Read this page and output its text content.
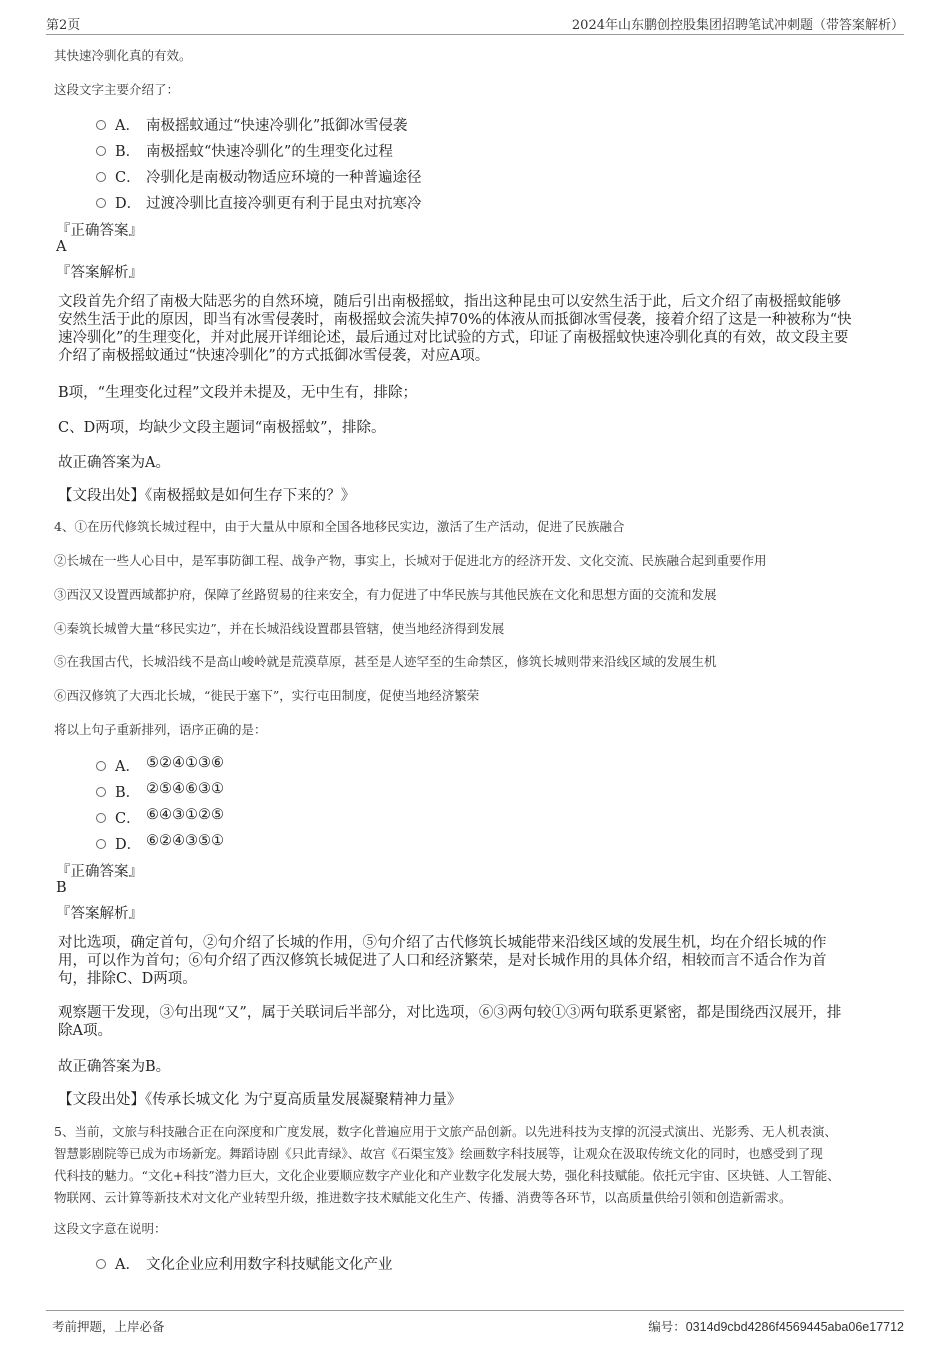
第2页	2024年山东鹏创控股集团招聘笔试冲刺题（带答案解析）
其快速冷驯化真的有效。
这段文字主要介绍了：
A． 南极摇蚊通过“快速冷驯化”抵御冰雪侵袭
B． 南极摇蚊“快速冷驯化”的生理变化过程
C． 冷驯化是南极动物适应环境的一种普遍途径
D． 过渡冷驯比直接冷驯更有利于昆虫对抗寒冷
『正确答案』
A
『答案解析』
文段首先介绍了南极大陆恶劣的自然环境，随后引出南极摇蚊，指出这种昆虫可以安然生活于此，后文介绍了南极摇蚊能够
安然生活于此的原因，即当有冰雪侵袭时，南极摇蚊会流失掉70%的体液从而抵御冰雪侵袭，接着介绍了这是一种被称为“快
速冷驯化”的生理变化，并对此展开详细论述，最后通过对比试验的方式，印证了南极摇蚊快速冷驯化真的有效，故文段主要
介绍了南极摇蚊通过“快速冷驯化”的方式抵御冰雪侵袭，对应A项。
B项，“生理变化过程”文段并未提及，无中生有，排除；
C、D两项，均缺少文段主题词“南极摇蚊”，排除。
故正确答案为A。
【文段出处】《南极摇蚊是如何生存下来的？》
4、①在历代修筑长城过程中，由于大量从中原和全国各地移民实边，激活了生产活动，促进了民族融合
②长城在一些人心目中，是军事防御工程、战争产物，事实上，长城对于促进北方的经济开发、文化交流、民族融合起到重要作用
③西汉又设置西域都护府，保障了丝路贸易的往来安全，有力促进了中华民族与其他民族在文化和思想方面的交流和发展
④秦筑长城曾大量“移民实边”，并在长城沿线设置郡县管辖，使当地经济得到发展
⑤在我国古代，长城沿线不是高山峻岭就是荒漠草原，甚至是人迹罕至的生命禁区，修筑长城则带来沿线区域的发展生机
⑥西汉修筑了大西北长城，“徙民于塞下”，实行屯田制度，促使当地经济繁荣
将以上句子重新排列，语序正确的是：
A． ⑤②④①③⑥
B． ②⑤④⑥③①
C． ⑥④③①②⑤
D． ⑥②④③⑤①
『正确答案』
B
『答案解析』
对比选项，确定首句，②句介绍了长城的作用，⑤句介绍了古代修筑长城能带来沿线区域的发展生机，均在介绍长城的作
用，可以作为首句；⑥句介绍了西汉修筑长城促进了人口和经济繁荣，是对长城作用的具体介绍，相较而言不适合作为首
句，排除C、D两项。
观察题干发现，③句出现“又”，属于关联词后半部分，对比选项，⑥③两句较①③两句联系更紧密，都是围绕西汉展开，排
除A项。
故正确答案为B。
【文段出处】《传承长城文化 为宁夏高质量发展凝聚精神力量》
5、当前，文旅与科技融合正在向深度和广度发展，数字化普遍应用于文旅产品创新。以先进科技为支撑的沉浸式演出、光影秀、无人机表演、
智慧影剧院等已成为市场新宠。舞蹈诗剧《只此青绿》、故宫《石渠宝笈》绘画数字科技展等，让观众在汲取传统文化的同时，也感受到了现
代科技的魅力。“文化+科技”潜力巨大，文化企业要顺应数字产业化和产业数字化发展大势，强化科技赋能。依托元宇宙、区块链、人工智能、
物联网、云计算等新技术对文化产业转型升级，推进数字技术赋能文化生产、传播、消费等各环节，以高质量供给引领和创造新需求。
这段文字意在说明：
A． 文化企业应利用数字科技赋能文化产业
考前押题，上岸必备	编号：0314d9cbd4286f4569445aba06e17712
